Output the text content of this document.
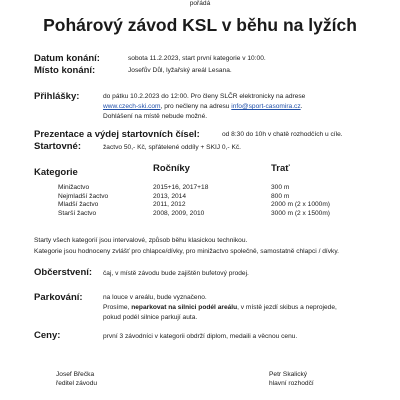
pořádá
Pohárový závod KSL v běhu na lyžích
Datum konání:	sobota 11.2.2023, start první kategorie v 10:00.
Místo konání:	Josefův Důl, lyžařský areál Lesana.
Přihlášky:	do pátku 10.2.2023 do 12:00. Pro členy SLČR elektronicky na adrese
www.czech-ski.com, pro nečleny na adresu info@sport-casomira.cz.
Dohlášení na místě nebude možné.
Prezentace a výdej startovních čísel:	od 8:30 do 10h v chatě rozhodčích u cíle.
Startovné:	žactvo 50,- Kč, spřátelené oddíly + SKIJ 0,- Kč.
Kategorie	Ročníky	Trať
Minižactvo	2015+16, 2017+18	300 m
Nejmladší žactvo	2013, 2014	800 m
Mladší žactvo	2011, 2012	2000 m (2 x 1000m)
Starší žactvo	2008, 2009, 2010	3000 m (2 x 1500m)
Starty všech kategorií jsou intervalové, způsob běhu klasickou technikou.
Kategorie jsou hodnoceny zvlášť pro chlapce/dívky, pro minižactvo společně, samostatně chlapci / dívky.
Občerstvení: čaj, v místě závodu bude zajištěn bufetový prodej.
Parkování:	na louce v areálu, bude vyznačeno.
Prosíme, neparkovat na silnici podél areálu, v místě jezdí skibus a neprojede,
pokud podél silnice parkují auta.
Ceny:	první 3 závodníci v kategorii obdrží diplom, medaili a věcnou cenu.
Josef Břečka
ředitel závodu
Petr Skalický
hlavní rozhodčí
